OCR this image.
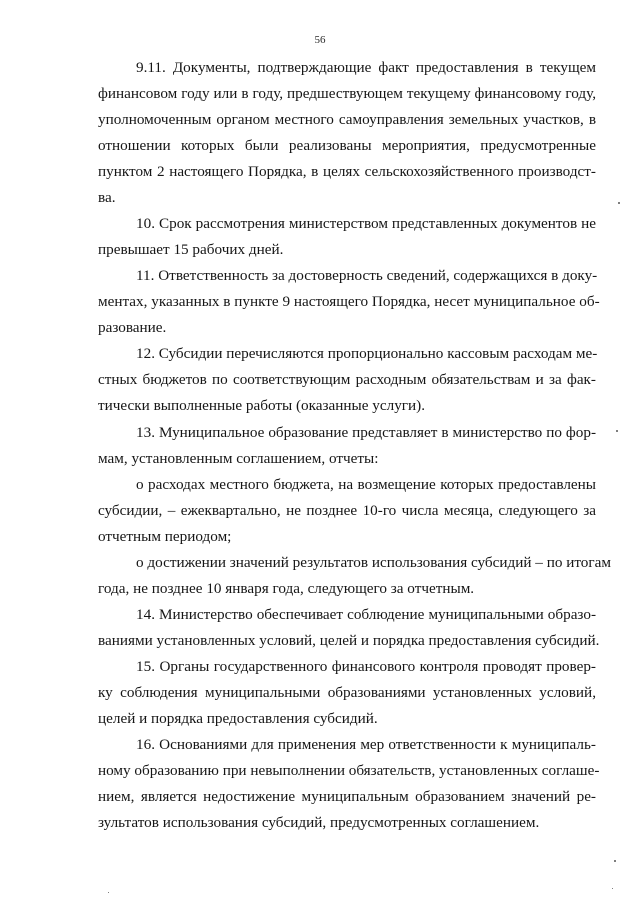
56
9.11. Документы, подтверждающие факт предоставления в текущем
финансовом году или в году, предшествующем текущему финансовому году,
уполномоченным органом местного самоуправления земельных участков, в
отношении которых были реализованы мероприятия, предусмотренные
пунктом 2 настоящего Порядка, в целях сельскохозяйственного производст-
ва.
10. Срок рассмотрения министерством представленных документов не
превышает 15 рабочих дней.
11. Ответственность за достоверность сведений, содержащихся в доку-
ментах, указанных в пункте 9 настоящего Порядка, несет муниципальное об-
разование.
12. Субсидии перечисляются пропорционально кассовым расходам ме-
стных бюджетов по соответствующим расходным обязательствам и за фак-
тически выполненные работы (оказанные услуги).
13. Муниципальное образование представляет в министерство по фор-
мам, установленным соглашением, отчеты:
о расходах местного бюджета, на возмещение которых предоставлены
субсидии, – ежеквартально, не позднее 10-го числа месяца, следующего за
отчетным периодом;
о достижении значений результатов использования субсидий – по итогам
года, не позднее 10 января года, следующего за отчетным.
14. Министерство обеспечивает соблюдение муниципальными образо-
ваниями установленных условий, целей и порядка предоставления субсидий.
15. Органы государственного финансового контроля проводят провер-
ку соблюдения муниципальными образованиями установленных условий,
целей и порядка предоставления субсидий.
16. Основаниями для применения мер ответственности к муниципаль-
ному образованию при невыполнении обязательств, установленных соглаше-
нием, является недостижение муниципальным образованием значений ре-
зультатов использования субсидий, предусмотренных соглашением.
